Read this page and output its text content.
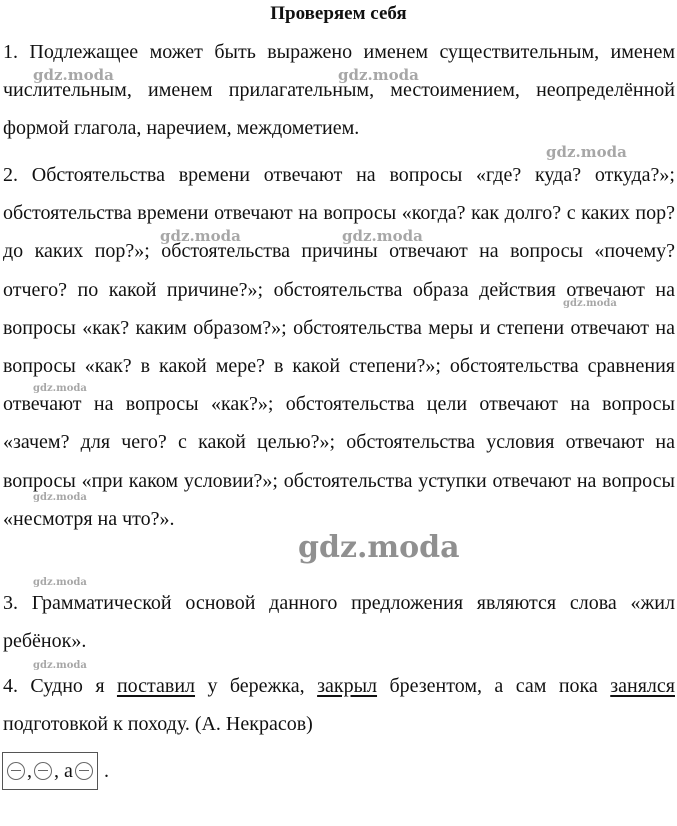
Проверяем себя

1. Подлежащее может быть выражено именем существительным, именем числительным, именем прилагательным, местоимением, неопределённой формой глагола, наречием, междометием.

2. Обстоятельства времени отвечают на вопросы «где? куда? откуда?»; обстоятельства времени отвечают на вопросы «когда? как долго? с каких пор? до каких пор?»; обстоятельства причины отвечают на вопросы «почему? отчего? по какой причине?»; обстоятельства образа действия отвечают на вопросы «как? каким образом?»; обстоятельства меры и степени отвечают на вопросы «как? в какой мере? в какой степени?»; обстоятельства сравнения отвечают на вопросы «как?»; обстоятельства цели отвечают на вопросы «зачем? для чего? с какой целью?»; обстоятельства условия отвечают на вопросы «при каком условии?»; обстоятельства уступки отвечают на вопросы «несмотря на что?».

3. Грамматической основой данного предложения являются слова «жил ребёнок».

4. Суднo я поставил у бережка, закрыл брезентом, а сам пока занялся подготовкой к походу. (А. Некрасов)

, , а .
gdz.moda	gdz.moda
gdz.moda
gdz.moda	gdz.moda
gdz.moda
gdz.moda
gdz.moda
gdz.moda
gdz.moda
gdz.moda
